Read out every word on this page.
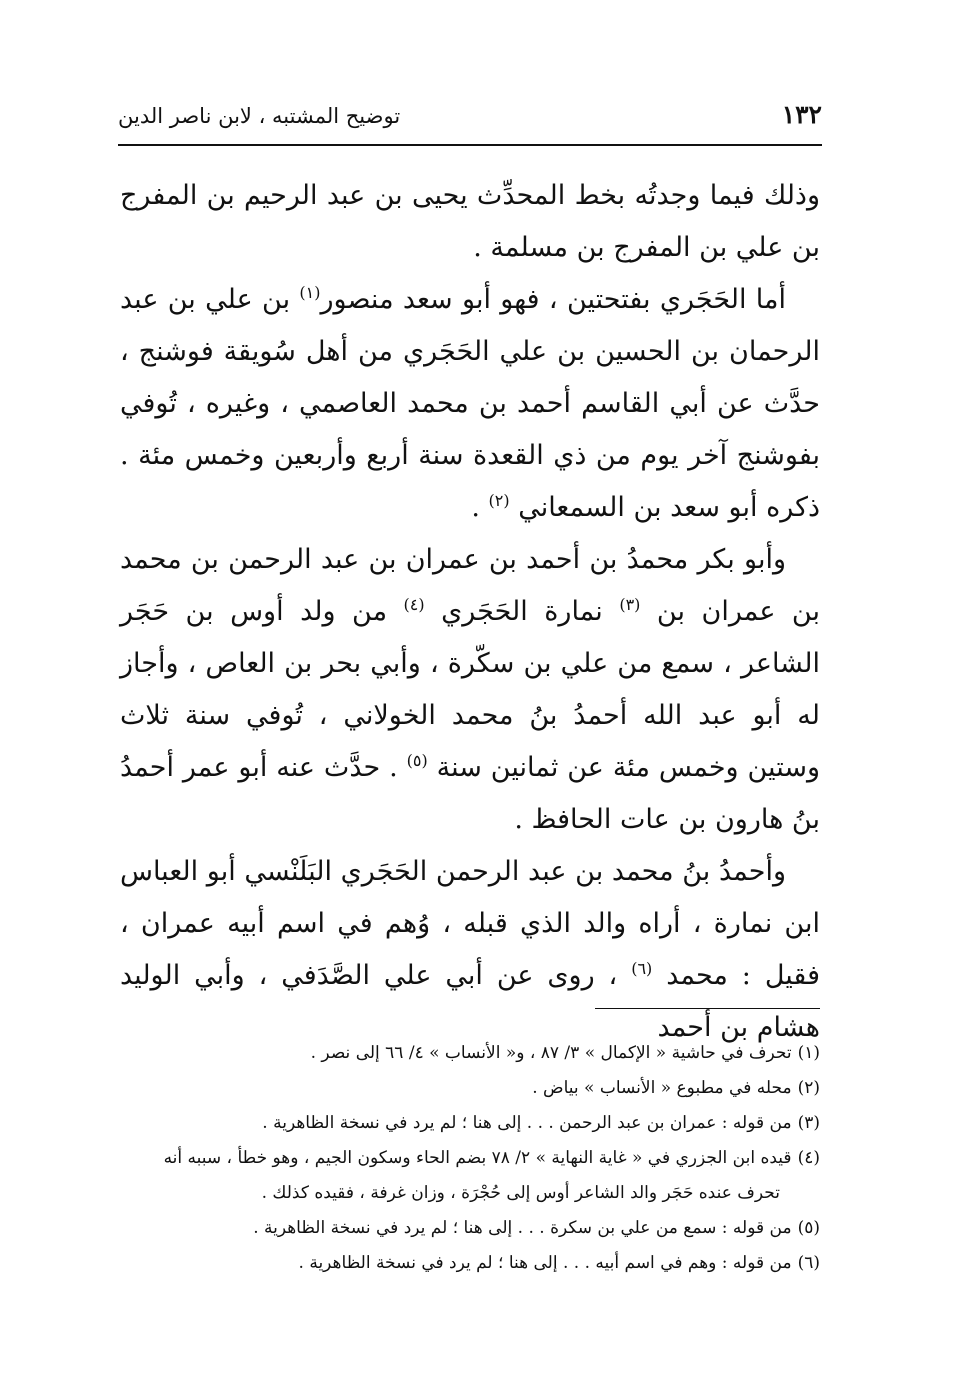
١٣٢
توضيح المشتبه ، لابن ناصر الدين

وذلك فيما وجدتُه بخط المحدِّث يحيى بن عبد الرحيم بن المفرج بن علي بن المفرج بن مسلمة .

أما الحَجَري بفتحتين ، فهو أبو سعد منصور$^{(١)}$ بن علي بن عبد الرحمان بن الحسين بن علي الحَجَري من أهل سُويقة فوشنج ، حدَّث عن أبي القاسم أحمد بن محمد العاصمي ، وغيره ، تُوفي بفوشنج آخر يوم من ذي القعدة سنة أربع وأربعين وخمس مئة . ذكره أبو سعد بن السمعاني $^{(٢)}$ .

وأبو بكر محمدُ بن أحمد بن عمران بن عبد الرحمن بن محمد بن عمران بن $^{(٣)}$ نمارة الحَجَري $^{(٤)}$ من ولد أوس بن حَجَر الشاعر ، سمع من علي بن سكّرة ، وأبي بحر بن العاص ، وأجاز له أبو عبد الله أحمدُ بنُ محمد الخولاني ، تُوفي سنة ثلاث وستين وخمس مئة عن ثمانين سنة $^{(٥)}$ . حدَّث عنه أبو عمر أحمدُ بنُ هارون بن عات الحافظ .

وأحمدُ بنُ محمد بن عبد الرحمن الحَجَري البَلَنْسي أبو العباس ابن نمارة ، أراه والد الذي قبله ، وُهم في اسم أبيه عمران ، فقيل : محمد $^{(٦)}$ ، روى عن أبي علي الصَّدَفي ، وأبي الوليد هشام بن أحمد

(١)تحرف في حاشية « الإكمال » ٣/ ٨٧ ، و« الأنساب » ٤/ ٦٦ إلى نصر .

(٢)محله في مطبوع « الأنساب » بياض .

(٣)من قوله : عمران بن عبد الرحمن . . . إلى هنا ؛ لم يرد في نسخة الظاهرية .

(٤)قيده ابن الجزري في « غاية النهاية » ٢/ ٧٨ بضم الحاء وسكون الجيم ، وهو خطأ ، سببه أنه

تحرف عنده حَجَر والد الشاعر أوس إلى حُجْرَة ، وزان غرفة ، فقيده كذلك .

(٥)من قوله : سمع من علي بن سكرة . . . إلى هنا ؛ لم يرد في نسخة الظاهرية .

(٦)من قوله : وهم في اسم أبيه . . . إلى هنا ؛ لم يرد في نسخة الظاهرية .
